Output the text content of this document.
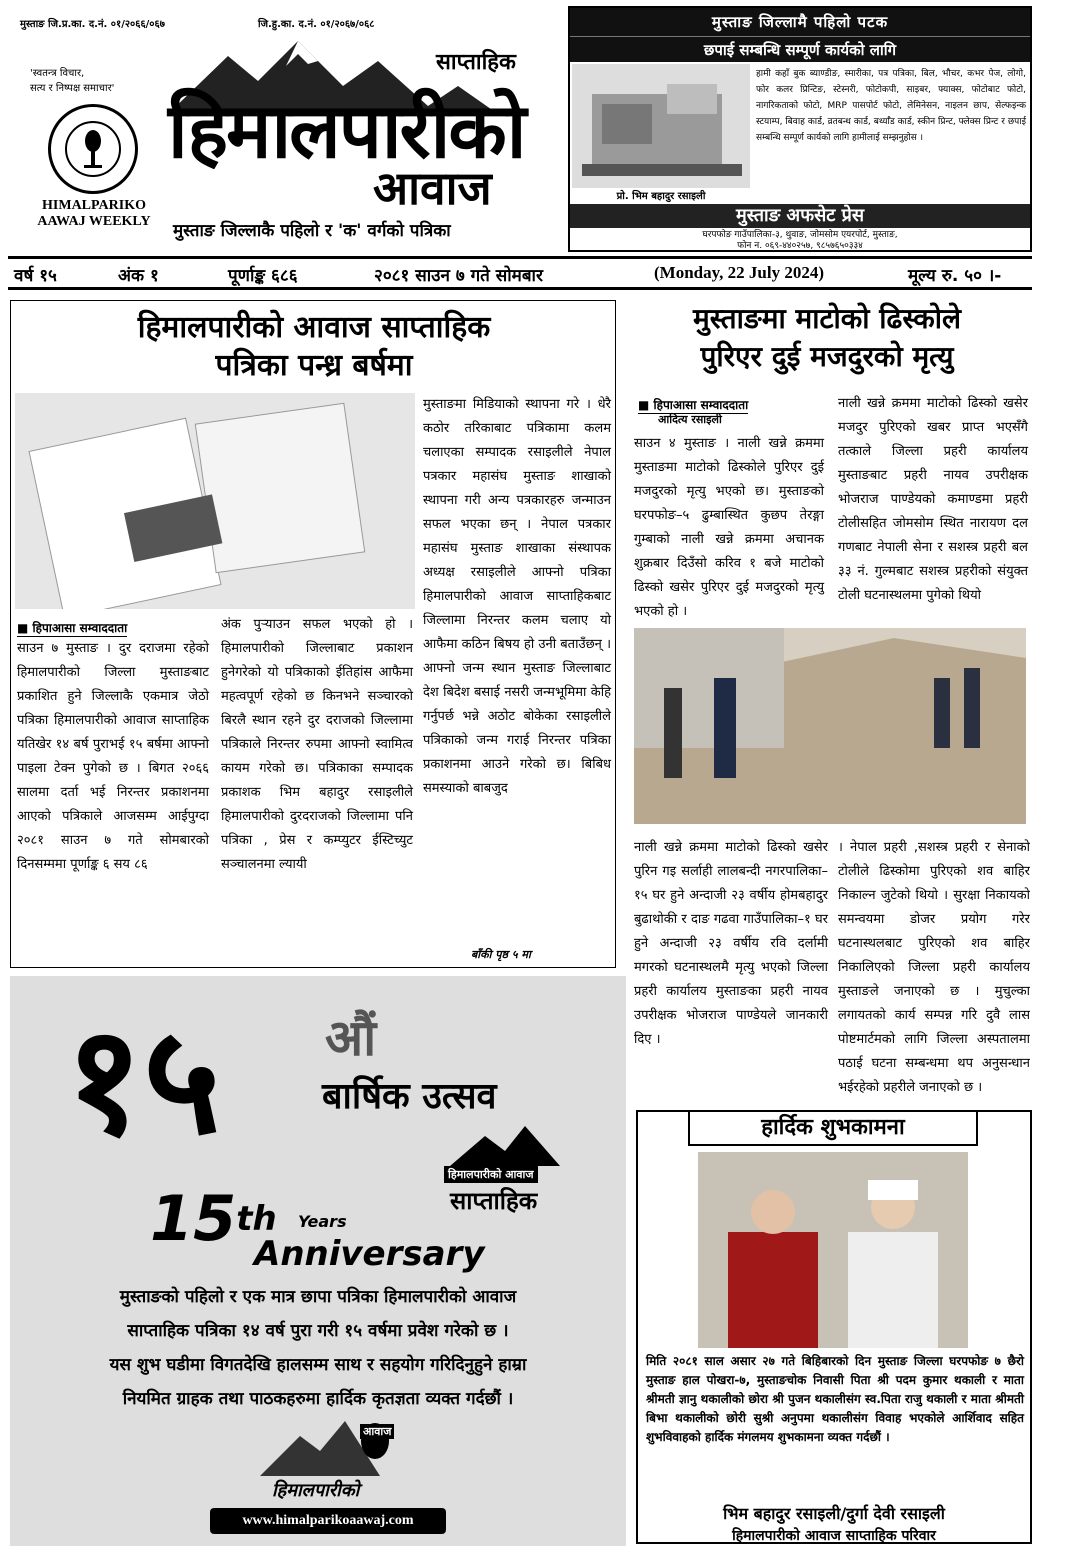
मुस्ताङ जि.प्र.का. द.नं. ०१/२०६६/०६७	जि.हु.का. द.नं. ०१/२०६७/०६८
'स्वतन्त्र विचार,
सत्य र निष्पक्ष समाचार'
HIMALPARIKO
AAWAJ WEEKLY
साप्ताहिक
हिमालपारीको
आवाज
मुस्ताङ जिल्लाकै पहिलो र 'क' वर्गको पत्रिका
मुस्ताङ जिल्लामै पहिलो पटक
छपाई सम्बन्धि सम्पूर्ण कार्यको लागि
प्रो. भिम बहादुर रसाइली
हामी कहाँ बुक ब्याण्डीङ, स्मारीका, पत्र पत्रिका, बिल, भौचर, कभर पेज, लोगो, फोर कलर प्रिन्टिङ, स्टेस्नरी, फोटोकपी, साइबर, फ्याक्स, फोटोबाट फोटो, नागरिकताको फोटो, MRP पासपोर्ट फोटो, लेमिनेसन, नाइलन छाप, सेल्फइन्क स्टयाम्प, बिवाह कार्ड, व्रतबन्ध कार्ड, बर्थ्याँड कार्ड, स्कीन प्रिन्ट, फ्लेक्स प्रिन्ट र छपाई सम्बन्धि सम्पूर्ण कार्यको लागि हामीलाई सम्झनुहोस ।
मुस्ताङ अफसेट प्रेस
घरपफोङ गाउँपालिका-३, थुवाङ, जोमसोम एयरपोर्ट, मुस्ताङ,
फोन न. ०६९-४४०२५७, ९८५७६५०३३४
वर्ष १५	अंक १	पूर्णाङ्क ६८६	२०८१ साउन ७ गते सोमबार	(Monday, 22 July 2024)	मूल्य रु. ५० ।-
हिमालपारीको आवाज साप्ताहिक
पत्रिका पन्ध्र बर्षमा
■ हिपाआसा सम्वाददाता
साउन ७ मुस्ताङ । दुर दराजमा रहेको हिमालपारीको जिल्ला मुस्ताङबाट प्रकाशित हुने जिल्लाकै एकमात्र जेठो पत्रिका हिमालपारीको आवाज साप्ताहिक यतिखेर १४ बर्ष पुराभई १५ बर्षमा आफ्नो पाइला टेक्न पुगेको छ । बिगत २०६६ सालमा दर्ता भई निरन्तर प्रकाशनमा आएको पत्रिकाले आजसम्म आईपुग्दा २०८१ साउन ७ गते सोमबारको दिनसम्ममा पूर्णाङ्क ६ सय ८६
अंक पुऱ्याउन सफल भएको हो । हिमालपारीको जिल्लाबाट प्रकाशन हुनेगरेको यो पत्रिकाको ईतिहांस आफैमा महत्वपूर्ण रहेको छ किनभने सञ्चारको बिरलै स्थान रहने दुर दराजको जिल्लामा पत्रिकाले निरन्तर रुपमा आफ्नो स्वामित्व कायम गरेको छ। पत्रिकाका सम्पादक प्रकाशक भिम बहादुर रसाइलीले हिमालपारीको दुरदराजको जिल्लामा पनि पत्रिका , प्रेस र कम्प्युटर ईस्टिच्युट सञ्चालनमा ल्यायी
मुस्ताङमा मिडियाको स्थापना गरे । धेरै कठोर तरिकाबाट पत्रिकामा कलम चलाएका सम्पादक रसाइलीले नेपाल पत्रकार महासंघ मुस्ताङ शाखाको स्थापना गरी अन्य पत्रकारहरु जन्माउन सफल भएका छन् । नेपाल पत्रकार महासंघ मुस्ताङ शाखाका संस्थापक अध्यक्ष रसाइलीले आफ्नो पत्रिका हिमालपारीको आवाज साप्ताहिकबाट जिल्लामा निरन्तर कलम चलाए यो आफैमा कठिन बिषय हो उनी बताउँछन् । आफ्नो जन्म स्थान मुस्ताङ जिल्लाबाट देश बिदेश बसाई नसरी जन्मभूमिमा केहि गर्नुपर्छ भन्ने अठोट बोकेका रसाइलीले पत्रिकाको जन्म गराई निरन्तर पत्रिका प्रकाशनमा आउने गरेको छ। बिबिध समस्याको बाबजुद
बाँकी पृष्ठ ५ मा
मुस्ताङमा माटोको ढिस्कोले
पुरिएर दुई मजदुरको मृत्यु
■ हिपाआसा सम्वाददाता
आदित्य रसाइली
साउन ४ मुस्ताङ । नाली खन्ने क्रममा मुस्ताङमा माटोको ढिस्कोले पुरिएर दुई मजदुरको मृत्यु भएको छ। मुस्ताङको घरपफोङ–५ ढुम्बास्थित कुछप तेरङ्गा गुम्बाको नाली खन्ने क्रममा अचानक शुक्रबार दिउँसो करिव १ बजे माटोको ढिस्को खसेर पुरिएर दुई मजदुरको मृत्यु भएको हो ।
नाली खन्ने क्रममा माटोको ढिस्को खसेर मजदुर पुरिएको खबर प्राप्त भएसँगै तत्काले जिल्ला प्रहरी कार्यालय मुस्ताङबाट प्रहरी नायव उपरीक्षक भोजराज पाण्डेयको कमाण्डमा प्रहरी टोलीसहित जोमसोम स्थित नारायण दल गणबाट नेपाली सेना र सशस्त्र प्रहरी बल ३३ नं. गुल्मबाट सशस्त्र प्रहरीको संयुक्त टोली घटनास्थलमा पुगेको थियो
नाली खन्ने क्रममा माटोको ढिस्को खसेर पुरिन गइ सर्लाही लालबन्दी नगरपालिका–१५ घर हुने अन्दाजी २३ वर्षीय होमबहादुर बुढाथोकी र दाङ गढवा गाउँपालिका–१ घर हुने अन्दाजी २३ वर्षीय रवि दर्लामी मगरको घटनास्थलमै मृत्यु भएको जिल्ला प्रहरी कार्यालय मुस्ताङका प्रहरी नायव उपरीक्षक भोजराज पाण्डेयले जानकारी दिए ।
। नेपाल प्रहरी ,सशस्त्र प्रहरी र सेनाको टोलीले ढिस्कोमा पुरिएको शव बाहिर निकाल्न जुटेको थियो । सुरक्षा निकायको समन्वयमा डोजर प्रयोग गरेर घटनास्थलबाट पुरिएको शव बाहिर निकालिएको जिल्ला प्रहरी कार्यालय मुस्ताङले जनाएको छ । मुचुल्का लगायतको कार्य सम्पन्न गरि दुवै लास पोष्टमार्टमको लागि जिल्ला अस्पतालमा पठाई घटना सम्बन्धमा थप अनुसन्धान भईरहेको प्रहरीले जनाएको छ ।
१५ औं
बार्षिक उत्सव
15th Years
Anniversary
हिमालपारीको आवाज
साप्ताहिक
मुस्ताङको पहिलो र एक मात्र छापा पत्रिका हिमालपारीको आवाज
साप्ताहिक पत्रिका १४ वर्ष पुरा गरी १५ वर्षमा प्रवेश गरेको छ ।
यस शुभ घडीमा विगतदेखि हालसम्म साथ र सहयोग गरिदिनुहुने हाम्रा
नियमित ग्राहक तथा पाठकहरुमा हार्दिक कृतज्ञता व्यक्त गर्दछौं ।
आवाज
हिमालपारीको
www.himalparikoaawaj.com
हार्दिक शुभकामना
मिति २०८१ साल असार २७ गते बिहिबारको दिन मुस्ताङ जिल्ला घरपफोङ ७ छैरो मुस्ताङ हाल पोखरा-७, मुस्ताङचोक निवासी पिता श्री पदम कुमार थकाली र माता श्रीमती ज्ञानु थकालीको छोरा श्री पुजन थकालीसंग स्व.पिता राजु थकाली र माता श्रीमती बिभा थकालीको छोरी सुश्री अनुपमा थकालीसंग विवाह भएकोले आर्शिवाद सहित शुभविवाहको हार्दिक मंगलमय शुभकामना व्यक्त गर्दछौं ।
भिम बहादुर रसाइली/दुर्गा देवी रसाइली
हिमालपारीको आवाज साप्ताहिक परिवार
